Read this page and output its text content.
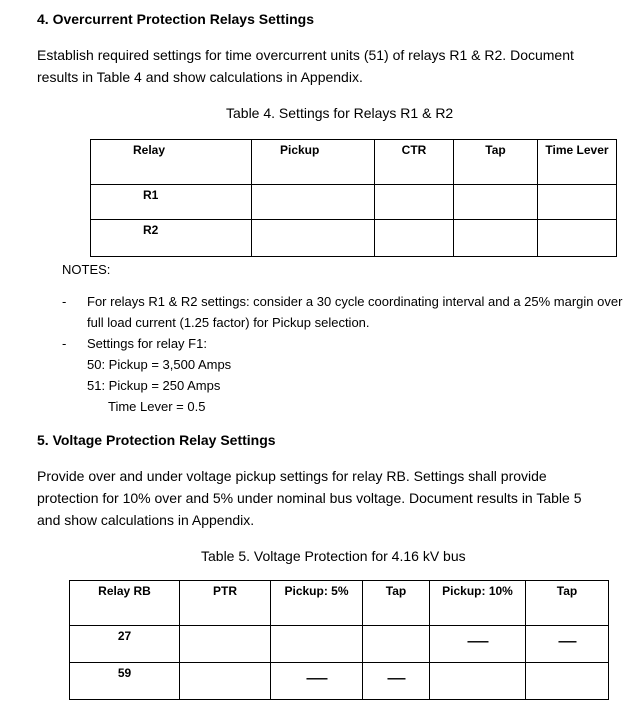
4. Overcurrent Protection Relays Settings
Establish required settings for time overcurrent units (51) of relays R1 & R2. Document
results in Table 4 and show calculations in Appendix.
Table 4. Settings for Relays R1 & R2
Relay	Pickup	CTR	Tap	Time Lever

R1				

R2				

NOTES:
- For relays R1 & R2 settings: consider a 30 cycle coordinating interval and a 25% margin over
full load current (1.25 factor) for Pickup selection.
- Settings for relay F1:
50: Pickup = 3,500 Amps
51: Pickup = 250 Amps
Time Lever = 0.5
5. Voltage Protection Relay Settings
Provide over and under voltage pickup settings for relay RB. Settings shall provide
protection for 10% over and 5% under nominal bus voltage. Document results in Table 5
and show calculations in Appendix.
Table 5. Voltage Protection for 4.16 kV bus
Relay RB	PTR	Pickup: 5%	Tap	Pickup: 10%	Tap

27				-------	------

59		-------	------		
